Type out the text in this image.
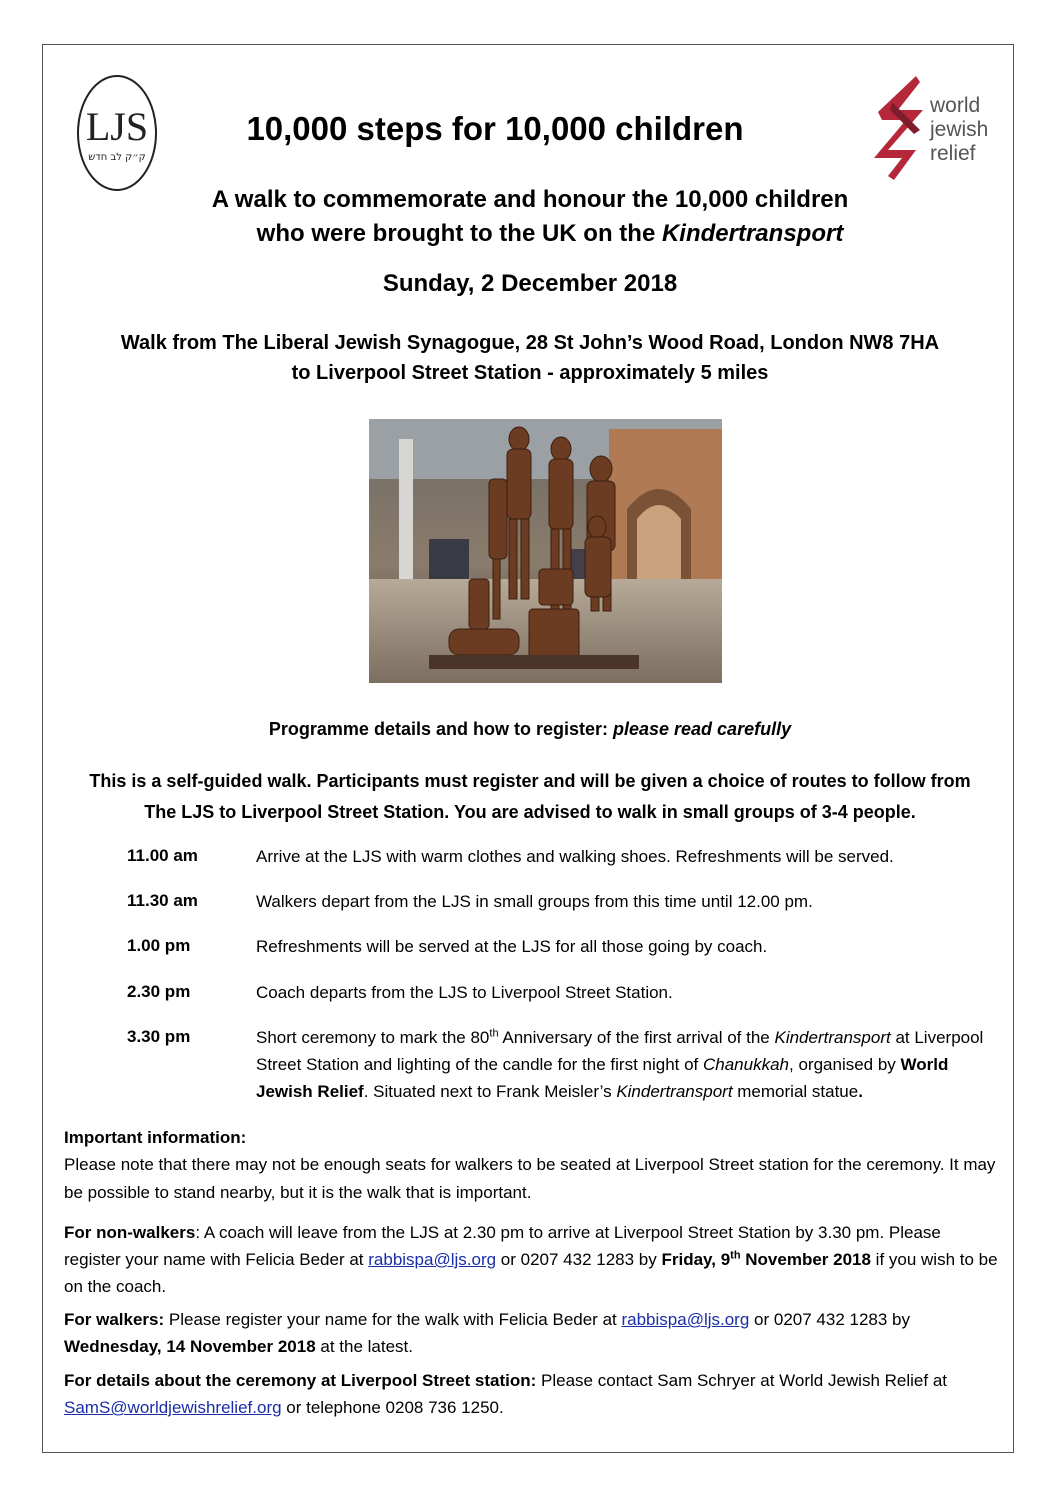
LJS
ק״ק לב חדש
world
jewish
relief
10,000 steps for 10,000 children
A walk to commemorate and honour the 10,000 children
who were brought to the UK on the Kindertransport
Sunday, 2 December 2018
Walk from The Liberal Jewish Synagogue, 28 St John’s Wood Road, London NW8 7HA
to Liverpool Street Station - approximately 5 miles
Programme details and how to register: please read carefully
This is a self-guided walk. Participants must register and will be given a choice of routes to follow from
The LJS to Liverpool Street Station. You are advised to walk in small groups of 3-4 people.
11.00 am	Arrive at the LJS with warm clothes and walking shoes. Refreshments will be served.
11.30 am	Walkers depart from the LJS in small groups from this time until 12.00 pm.
1.00 pm	Refreshments will be served at the LJS for all those going by coach.
2.30 pm	Coach departs from the LJS to Liverpool Street Station.
3.30 pm	Short ceremony to mark the 80th Anniversary of the first arrival of the Kindertransport at Liverpool Street Station and lighting of the candle for the first night of Chanukkah, organised by World Jewish Relief. Situated next to Frank Meisler’s Kindertransport memorial statue.
Important information:
Please note that there may not be enough seats for walkers to be seated at Liverpool Street station for the ceremony. It may be possible to stand nearby, but it is the walk that is important.
For non-walkers: A coach will leave from the LJS at 2.30 pm to arrive at Liverpool Street Station by 3.30 pm. Please register your name with Felicia Beder at rabbispa@ljs.org or 0207 432 1283 by Friday, 9th November 2018 if you wish to be on the coach.
For walkers: Please register your name for the walk with Felicia Beder at rabbispa@ljs.org or 0207 432 1283 by Wednesday, 14 November 2018 at the latest.
For details about the ceremony at Liverpool Street station: Please contact Sam Schryer at World Jewish Relief at SamS@worldjewishrelief.org or telephone 0208 736 1250.
